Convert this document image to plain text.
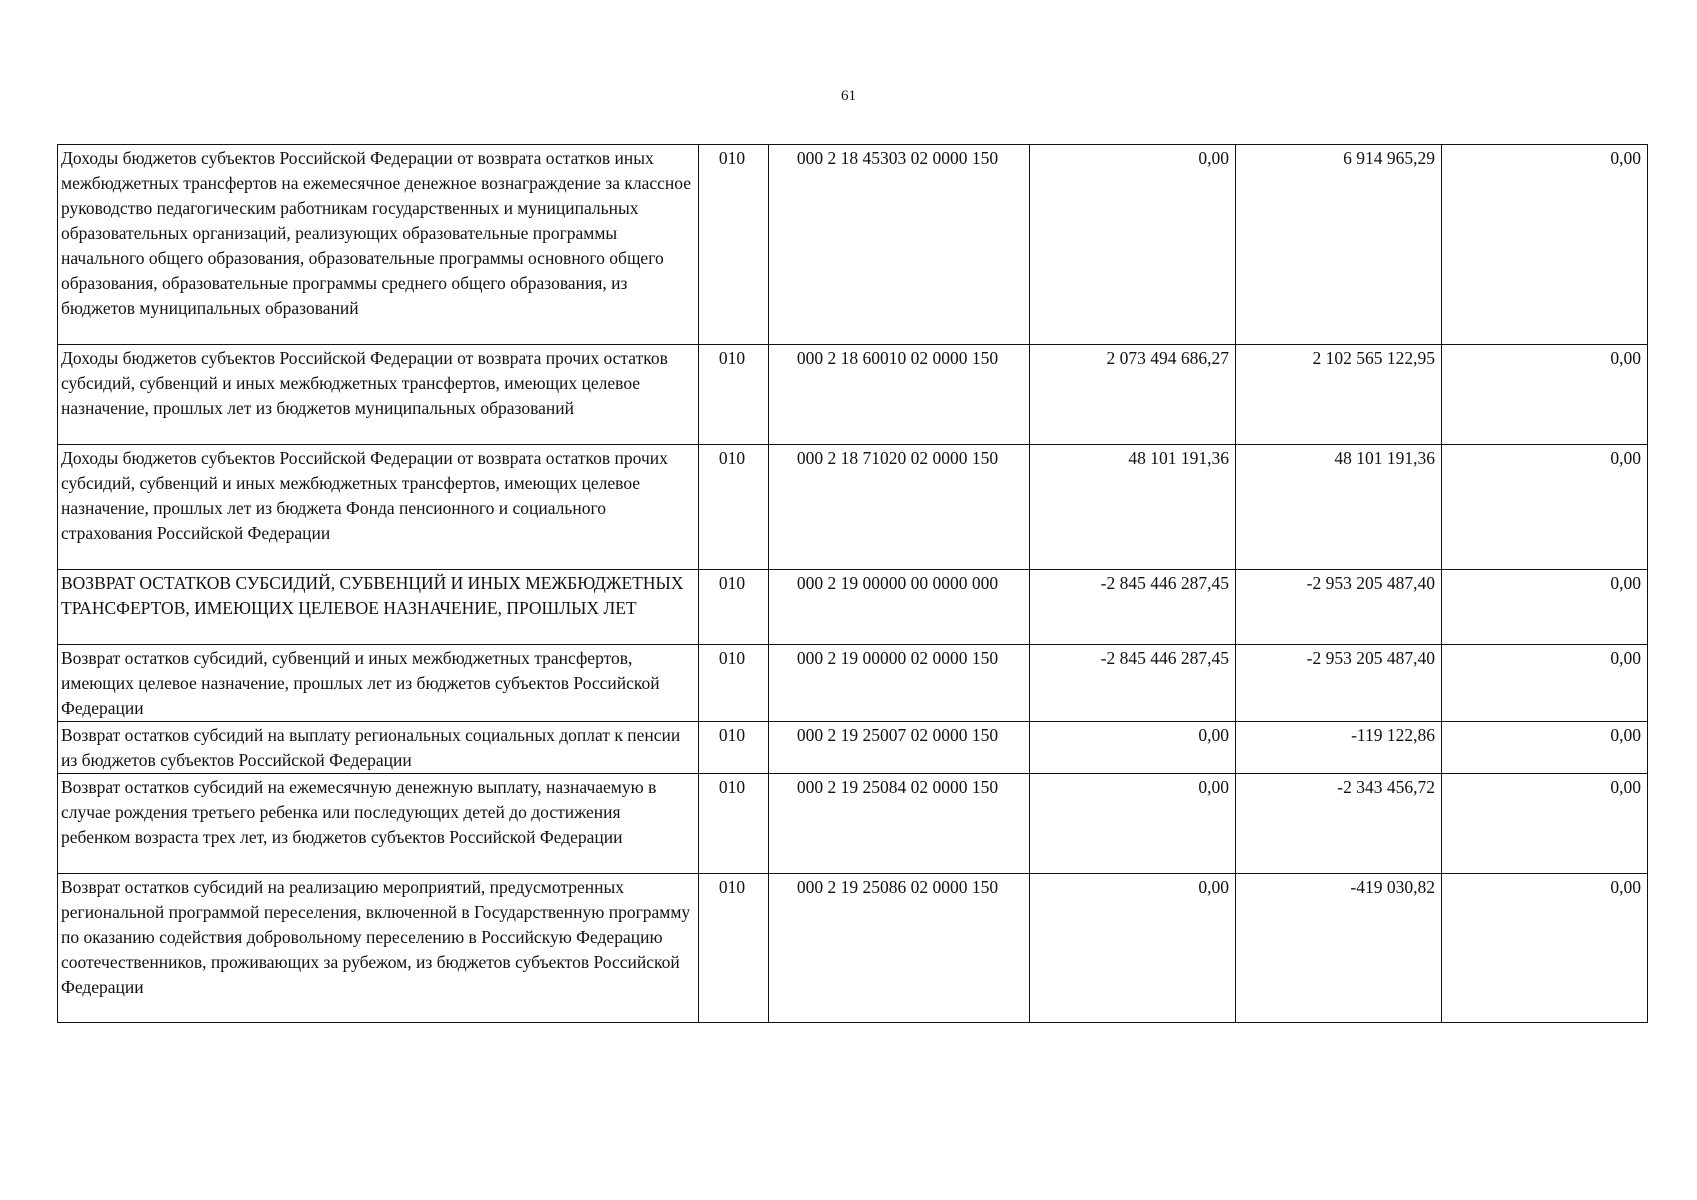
61
Доходы бюджетов субъектов Российской Федерации от возврата остатков иных межбюджетных трансфертов на ежемесячное денежное вознаграждение за классное руководство педагогическим работникам государственных и муниципальных образовательных организаций, реализующих образовательные программы начального общего образования, образовательные программы основного общего образования, образовательные программы среднего общего образования, из бюджетов муниципальных образований	010	000 2 18 45303 02 0000 150	0,00	6 914 965,29	0,00

Доходы бюджетов субъектов Российской Федерации от возврата прочих остатков субсидий, субвенций и иных межбюджетных трансфертов, имеющих целевое назначение, прошлых лет из бюджетов муниципальных образований	010	000 2 18 60010 02 0000 150	2 073 494 686,27	2 102 565 122,95	0,00

Доходы бюджетов субъектов Российской Федерации от возврата остатков прочих субсидий, субвенций и иных межбюджетных трансфертов, имеющих целевое назначение, прошлых лет из бюджета Фонда пенсионного и социального страхования Российской Федерации	010	000 2 18 71020 02 0000 150	48 101 191,36	48 101 191,36	0,00

ВОЗВРАТ ОСТАТКОВ СУБСИДИЙ, СУБВЕНЦИЙ И ИНЫХ МЕЖБЮДЖЕТНЫХ ТРАНСФЕРТОВ, ИМЕЮЩИХ ЦЕЛЕВОЕ НАЗНАЧЕНИЕ, ПРОШЛЫХ ЛЕТ	010	000 2 19 00000 00 0000 000	-2 845 446 287,45	-2 953 205 487,40	0,00

Возврат остатков субсидий, субвенций и иных межбюджетных трансфертов, имеющих целевое назначение, прошлых лет из бюджетов субъектов Российской Федерации	010	000 2 19 00000 02 0000 150	-2 845 446 287,45	-2 953 205 487,40	0,00

Возврат остатков субсидий на выплату региональных социальных доплат к пенсии из бюджетов субъектов Российской Федерации	010	000 2 19 25007 02 0000 150	0,00	-119 122,86	0,00

Возврат остатков субсидий на ежемесячную денежную выплату, назначаемую в случае рождения третьего ребенка или последующих детей до достижения ребенком возраста трех лет, из бюджетов субъектов Российской Федерации	010	000 2 19 25084 02 0000 150	0,00	-2 343 456,72	0,00

Возврат остатков субсидий на реализацию мероприятий, предусмотренных региональной программой переселения, включенной в Государственную программу по оказанию содействия добровольному переселению в Российскую Федерацию соотечественников, проживающих за рубежом, из бюджетов субъектов Российской Федерации	010	000 2 19 25086 02 0000 150	0,00	-419 030,82	0,00
